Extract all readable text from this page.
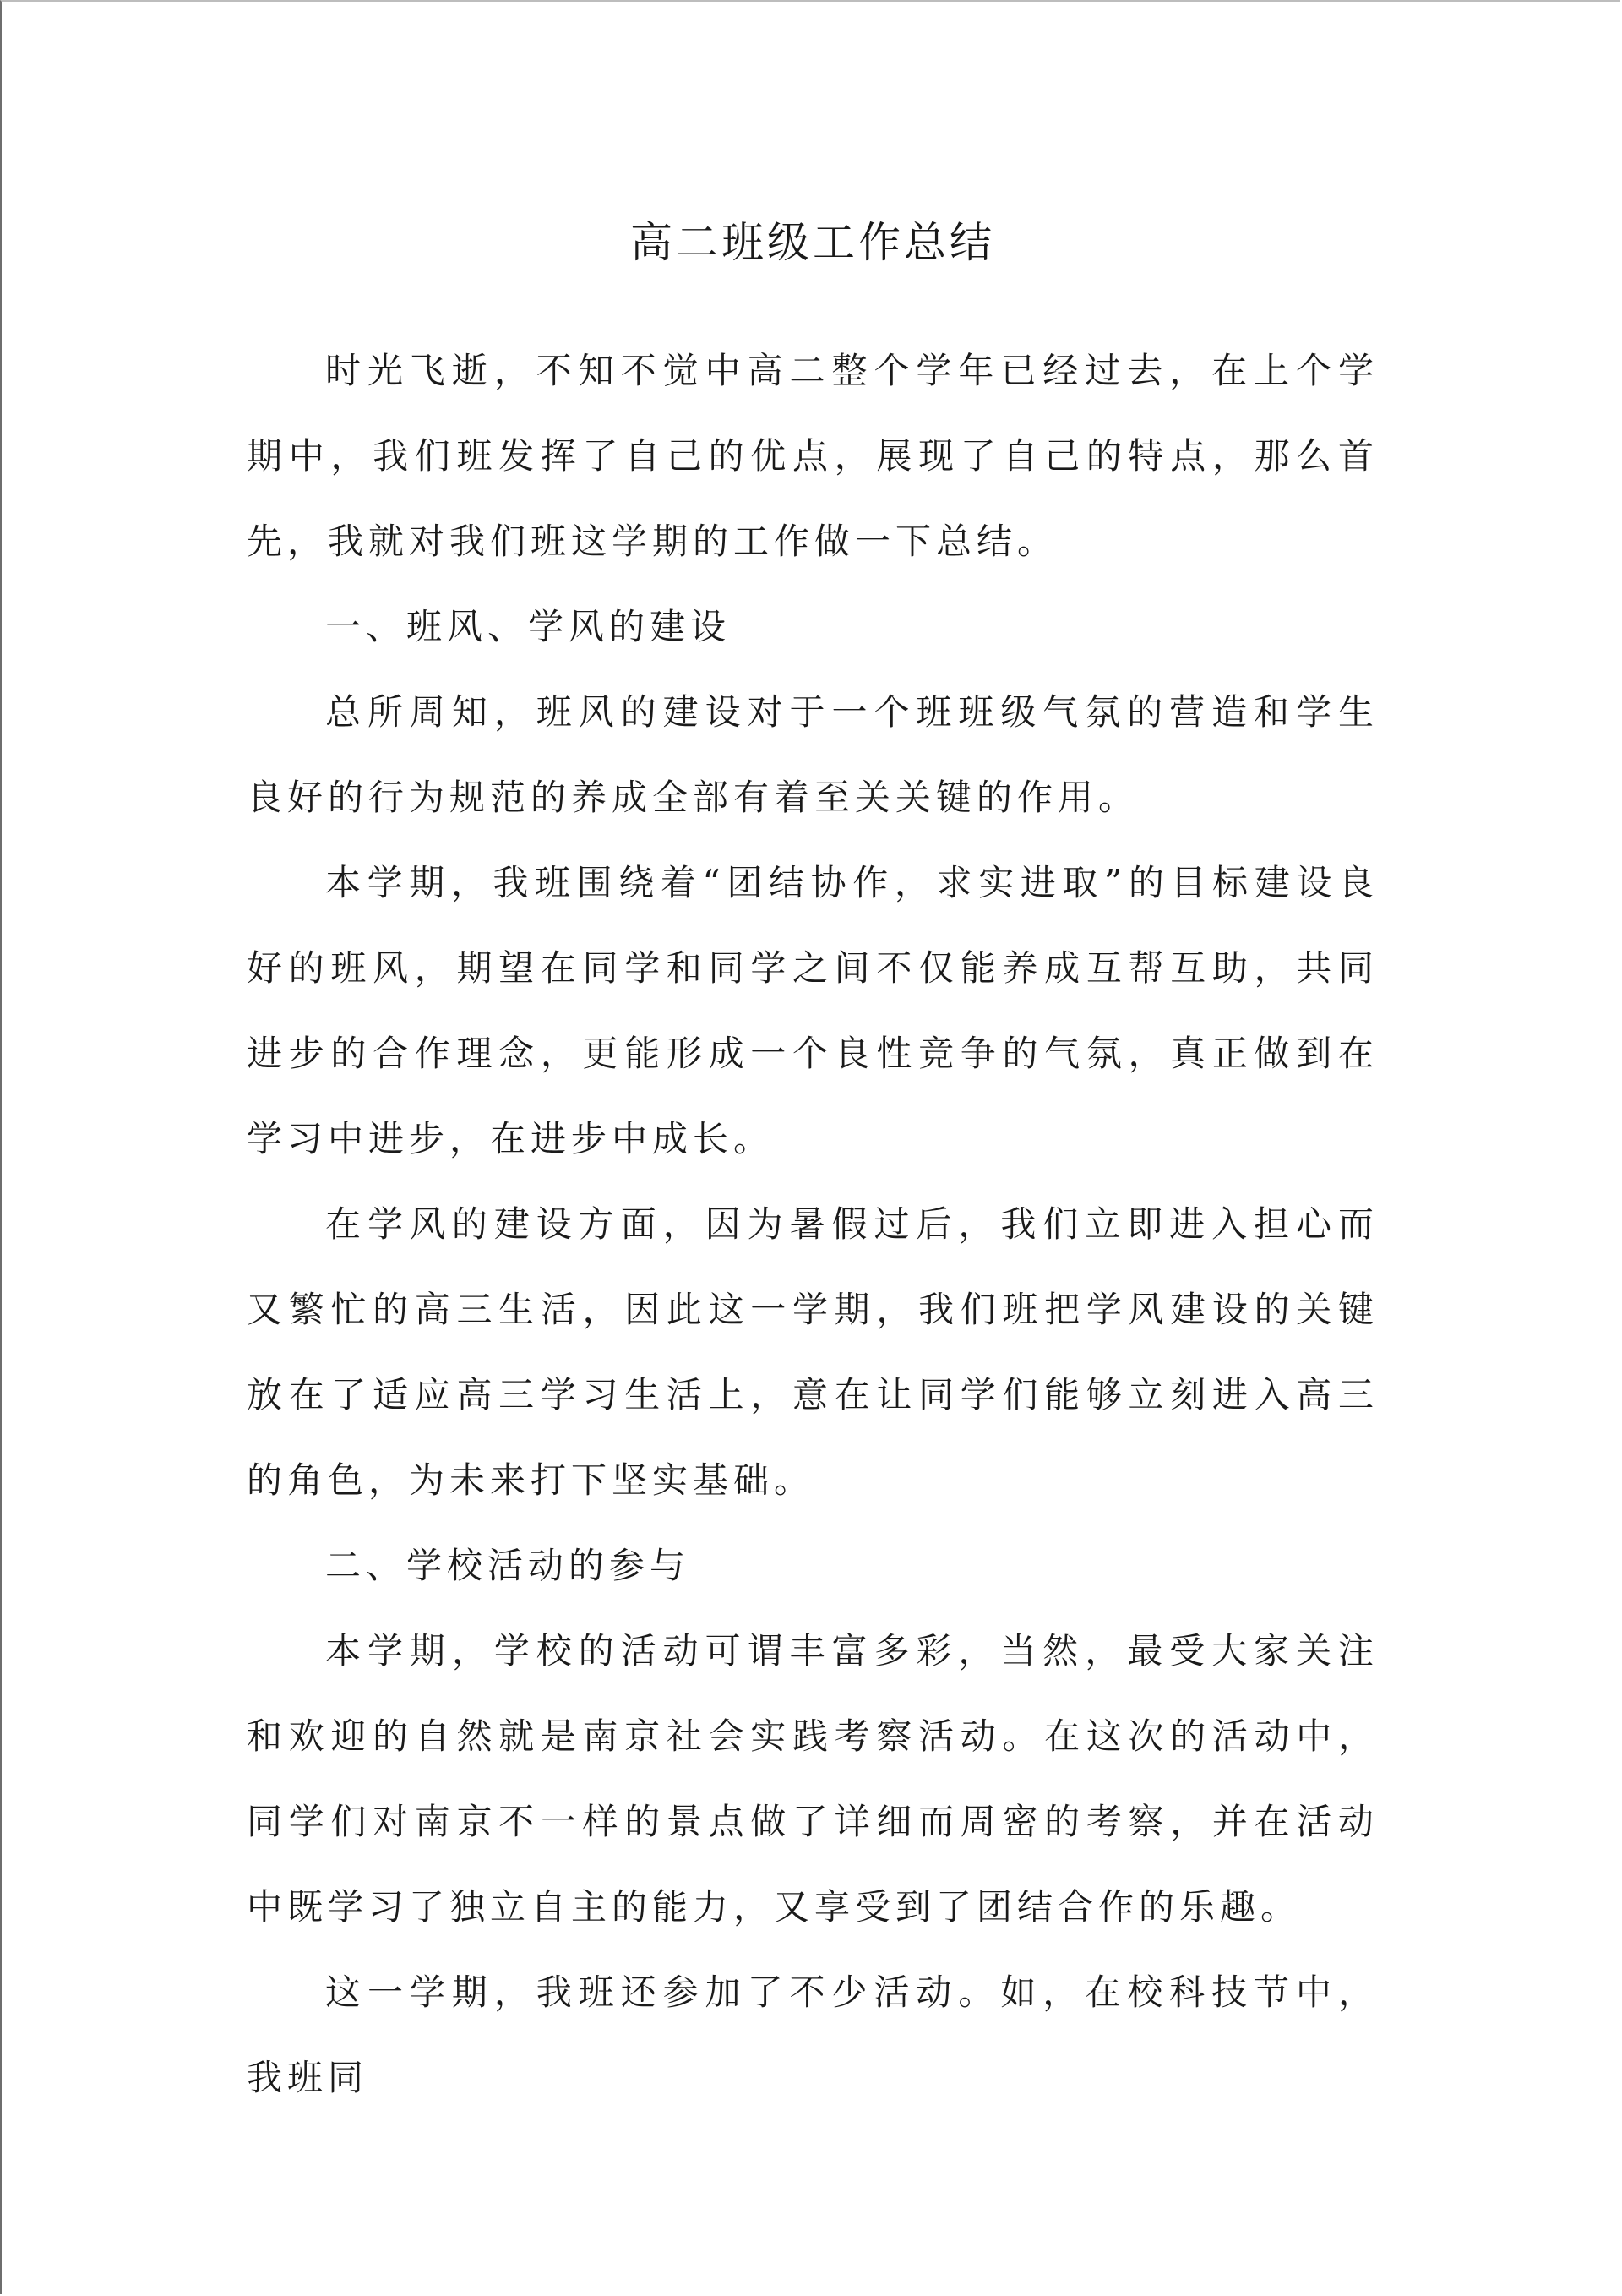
高二班级工作总结

时光飞逝，不知不觉中高二整个学年已经过去，在上个学期中，我们班发挥了自己的优点，展现了自己的特点，那么首先，我就对我们班这学期的工作做一下总结。

一、班风、学风的建设

总所周知，班风的建设对于一个班班级气氛的营造和学生良好的行为规范的养成全部有着至关关键的作用。

本学期，我班围绕着“团结协作，求实进取”的目标建设良好的班风，期望在同学和同学之间不仅能养成互帮互助，共同进步的合作理念，更能形成一个良性竞争的气氛，真正做到在学习中进步，在进步中成长。

在学风的建设方面，因为暑假过后，我们立即进入担心而又繁忙的高三生活，因此这一学期，我们班把学风建设的关键放在了适应高三学习生活上，意在让同学们能够立刻进入高三的角色，为未来打下坚实基础。

二、学校活动的参与

本学期，学校的活动可谓丰富多彩，当然，最受大家关注和欢迎的自然就是南京社会实践考察活动。在这次的活动中，同学们对南京不一样的景点做了详细而周密的考察，并在活动中既学习了独立自主的能力，又享受到了团结合作的乐趣。

这一学期，我班还参加了不少活动。如，在校科技节中，我班同
